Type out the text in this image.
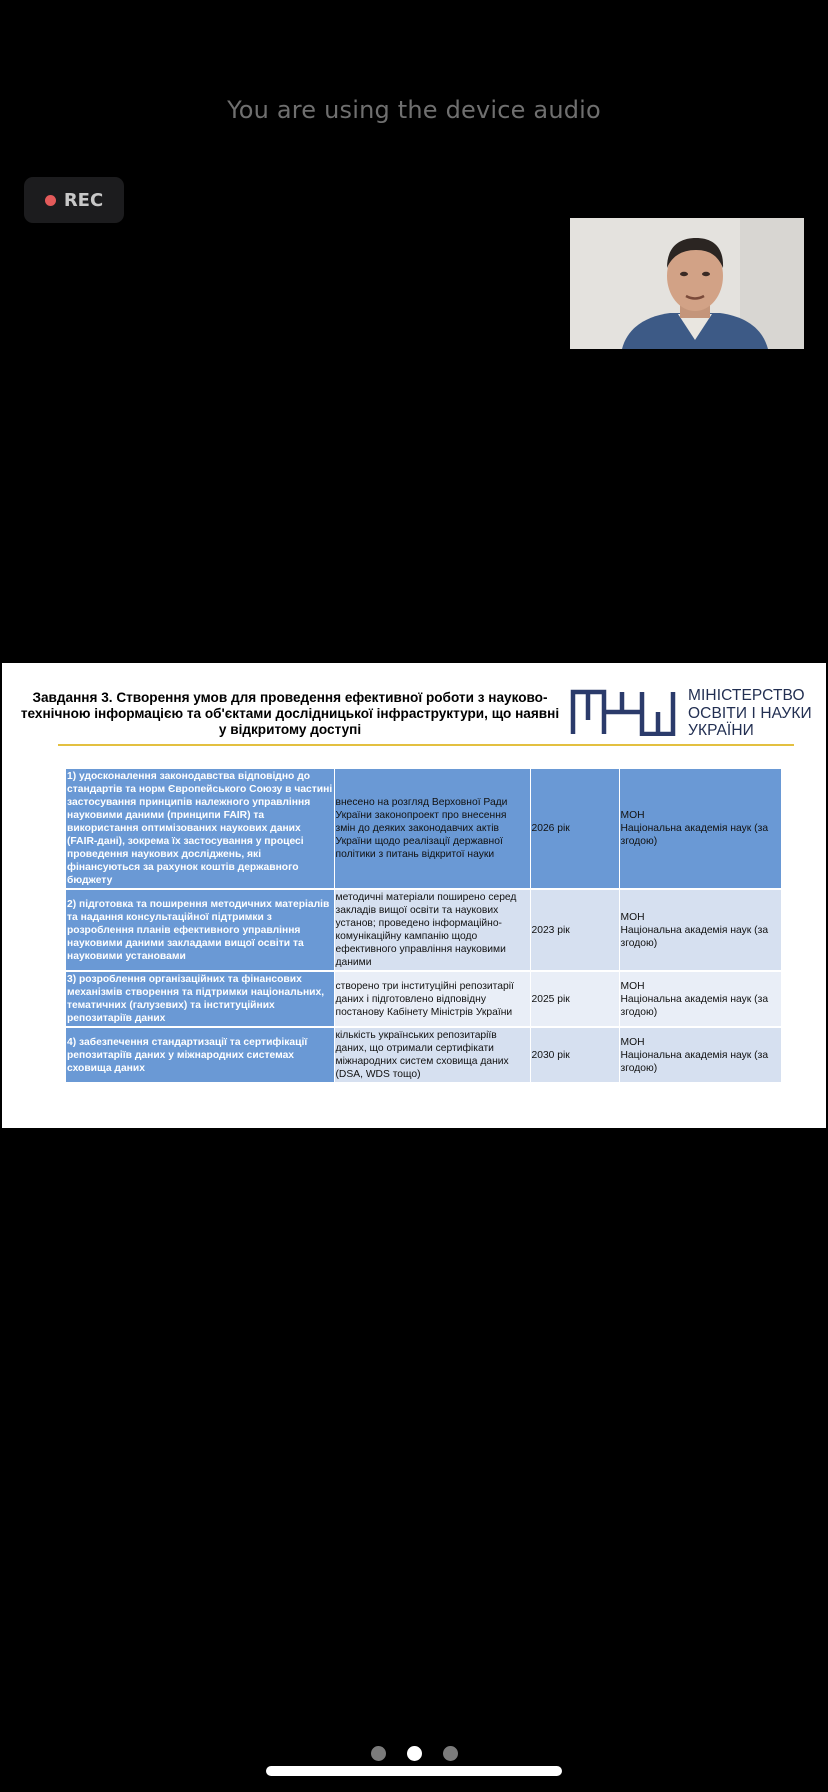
You are using the device audio
REC
Завдання 3. Створення умов для проведення ефективної роботи з науково-технічною інформацією та об'єктами дослідницької інфраструктури, що наявні у відкритому доступі
МІНІСТЕРСТВО
ОСВІТИ І НАУКИ
УКРАЇНИ
1) удосконалення законодавства відповідно до стандартів та норм Європейського Союзу в частині застосування принципів належного управління науковими даними (принципи FAIR) та використання оптимізованих наукових даних (FAIR-дані), зокрема їх застосування у процесі проведення наукових досліджень, які фінансуються за рахунок коштів державного бюджету	внесено на розгляд Верховної Ради України законопроект про внесення змін до деяких законодавчих актів України щодо реалізації державної політики з питань відкритої науки	2026 рік	МОН
Національна академія наук (за згодою)

2) підготовка та поширення методичних матеріалів та надання консультаційної підтримки з розроблення планів ефективного управління науковими даними закладами вищої освіти та науковими установами	методичні матеріали поширено серед закладів вищої освіти та наукових установ; проведено інформаційно-комунікаційну кампанію щодо ефективного управління науковими даними	2023 рік	МОН
Національна академія наук (за згодою)

3) розроблення організаційних та фінансових механізмів створення та підтримки національних, тематичних (галузевих) та інституційних репозитаріїв даних	створено три інституційні репозитарії даних і підготовлено відповідну постанову Кабінету Міністрів України	2025 рік	МОН
Національна академія наук (за згодою)

4) забезпечення стандартизації та сертифікації репозитаріїв даних у міжнародних системах сховища даних	кількість українських репозитаріїв даних, що отримали сертифікати міжнародних систем сховища даних (DSA, WDS тощо)	2030 рік	МОН
Національна академія наук (за згодою)
